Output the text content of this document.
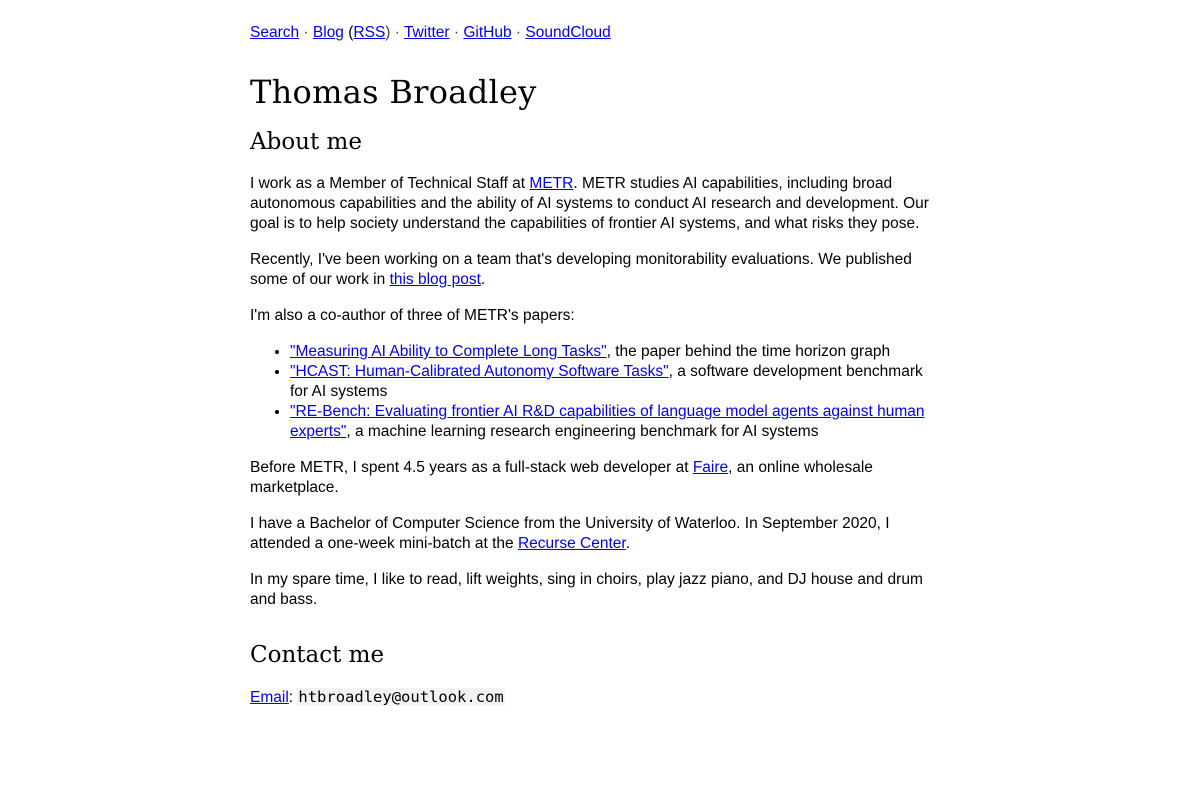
Search · Blog (RSS) · Twitter · GitHub · SoundCloud
Thomas Broadley
About me

I work as a Member of Technical Staff at METR. METR studies AI capabilities, including broad autonomous capabilities and the ability of AI systems to conduct AI research and development. Our goal is to help society understand the capabilities of frontier AI systems, and what risks they pose.

Recently, I've been working on a team that's developing monitorability evaluations. We published some of our work in this blog post.

I'm also a co-author of three of METR's papers:

• "Measuring AI Ability to Complete Long Tasks", the paper behind the time horizon graph
• "HCAST: Human-Calibrated Autonomy Software Tasks", a software development benchmark for AI systems
• "RE-Bench: Evaluating frontier AI R&D capabilities of language model agents against human experts", a machine learning research engineering benchmark for AI systems

Before METR, I spent 4.5 years as a full-stack web developer at Faire, an online wholesale marketplace.

I have a Bachelor of Computer Science from the University of Waterloo. In September 2020, I attended a one-week mini-batch at the Recurse Center.

In my spare time, I like to read, lift weights, sing in choirs, play jazz piano, and DJ house and drum and bass.

Contact me

Email: htbroadley@outlook.com
